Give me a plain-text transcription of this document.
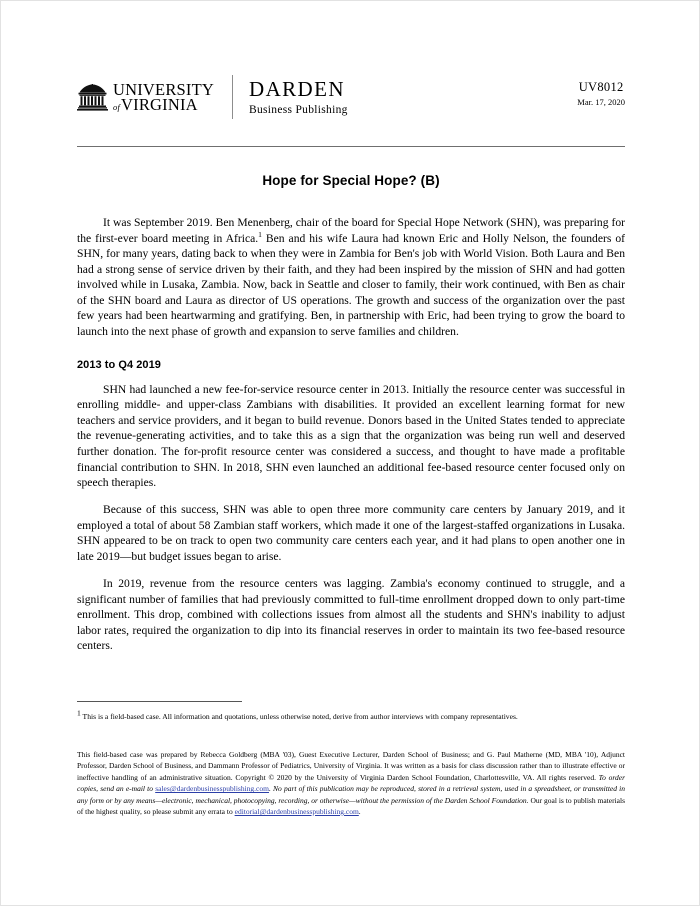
UNIVERSITY
ofVIRGINIA
DARDEN
Business Publishing
UV8012
Mar. 17, 2020
Hope for Special Hope? (B)

It was September 2019. Ben Menenberg, chair of the board for Special Hope Network (SHN), was preparing for the first-ever board meeting in Africa.$^1$ Ben and his wife Laura had known Eric and Holly Nelson, the founders of SHN, for many years, dating back to when they were in Zambia for Ben's job with World Vision. Both Laura and Ben had a strong sense of service driven by their faith, and they had been inspired by the mission of SHN and had gotten involved while in Lusaka, Zambia. Now, back in Seattle and closer to family, their work continued, with Ben as chair of the SHN board and Laura as director of US operations. The growth and success of the organization over the past few years had been heartwarming and gratifying. Ben, in partnership with Eric, had been trying to grow the board to launch into the next phase of growth and expansion to serve families and children.

2013 to Q4 2019

SHN had launched a new fee-for-service resource center in 2013. Initially the resource center was successful in enrolling middle- and upper-class Zambians with disabilities. It provided an excellent learning format for new teachers and service providers, and it began to build revenue. Donors based in the United States tended to appreciate the revenue-generating activities, and to take this as a sign that the organization was being run well and deserved further donation. The for-profit resource center was considered a success, and thought to have made a profitable financial contribution to SHN. In 2018, SHN even launched an additional fee-based resource center focused only on speech therapies.

Because of this success, SHN was able to open three more community care centers by January 2019, and it employed a total of about 58 Zambian staff workers, which made it one of the largest-staffed organizations in Lusaka. SHN appeared to be on track to open two community care centers each year, and it had plans to open another one in late 2019—but budget issues began to arise.

In 2019, revenue from the resource centers was lagging. Zambia's economy continued to struggle, and a significant number of families that had previously committed to full-time enrollment dropped down to only part-time enrollment. This drop, combined with collections issues from almost all the students and SHN's inability to adjust labor rates, required the organization to dip into its financial reserves in order to maintain its two fee-based resource centers.

$^1$ This is a field-based case. All information and quotations, unless otherwise noted, derive from author interviews with company representatives.
This field-based case was prepared by Rebecca Goldberg (MBA '03), Guest Executive Lecturer, Darden School of Business; and G. Paul Matherne (MD, MBA '10), Adjunct Professor, Darden School of Business, and Dammann Professor of Pediatrics, University of Virginia. It was written as a basis for class discussion rather than to illustrate effective or ineffective handling of an administrative situation. Copyright © 2020 by the University of Virginia Darden School Foundation, Charlottesville, VA. All rights reserved. To order copies, send an e-mail to sales@dardenbusinesspublishing.com. No part of this publication may be reproduced, stored in a retrieval system, used in a spreadsheet, or transmitted in any form or by any means—electronic, mechanical, photocopying, recording, or otherwise—without the permission of the Darden School Foundation. Our goal is to publish materials of the highest quality, so please submit any errata to editorial@dardenbusinesspublishing.com.
